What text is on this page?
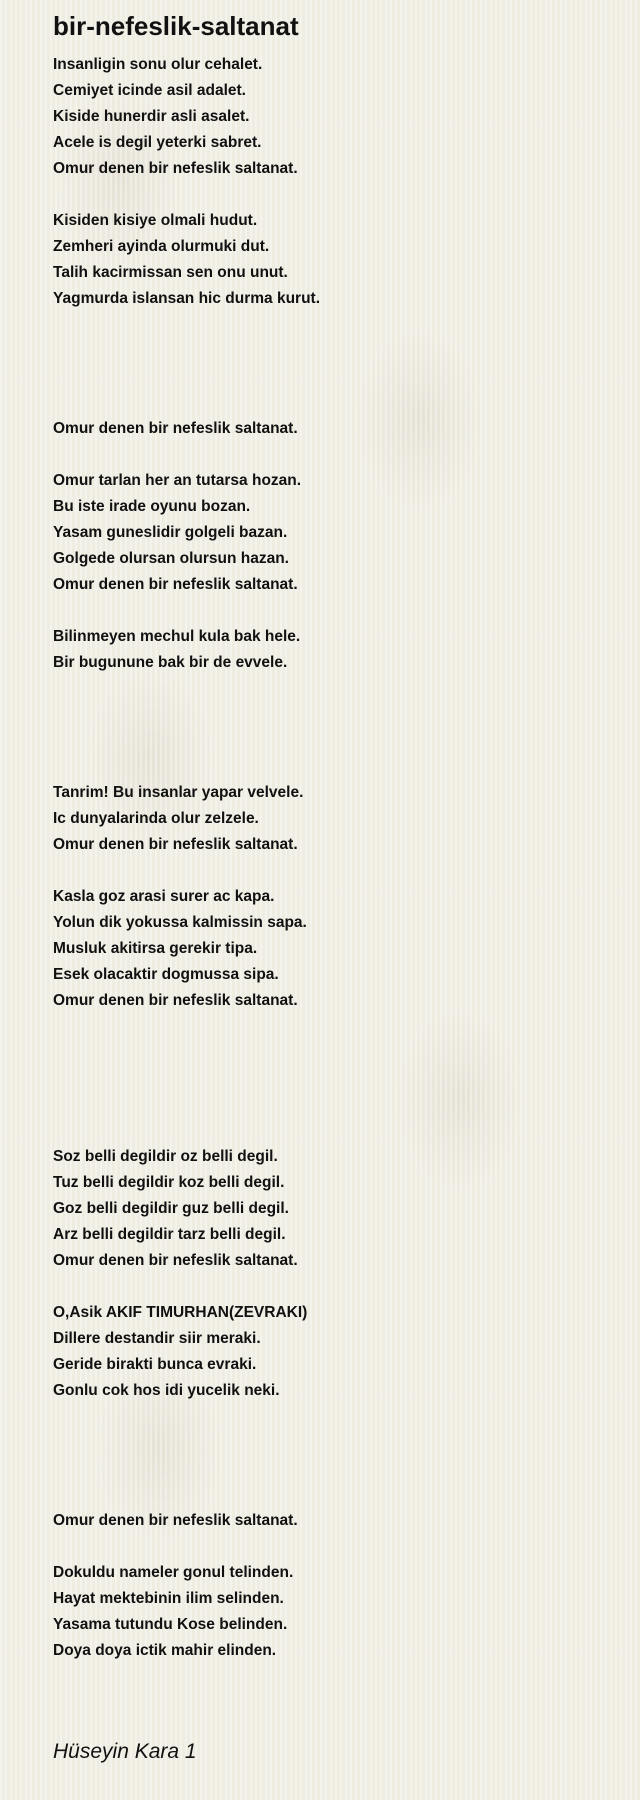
bir-nefeslik-saltanat
Insanligin sonu olur cehalet.
Cemiyet icinde asil adalet.
Kiside hunerdir asli asalet.
Acele is degil yeterki sabret.
Omur denen bir nefeslik saltanat.
Kisiden kisiye olmali hudut.
Zemheri ayinda olurmuki dut.
Talih kacirmissan sen onu unut.
Yagmurda islansan hic durma kurut.
Omur denen bir nefeslik saltanat.
Omur tarlan her an tutarsa hozan.
Bu iste irade oyunu bozan.
Yasam guneslidir golgeli bazan.
Golgede olursan olursun hazan.
Omur denen bir nefeslik saltanat.
Bilinmeyen mechul kula bak hele.
Bir bugunune bak bir de evvele.
Tanrim! Bu insanlar yapar velvele.
Ic dunyalarinda olur zelzele.
Omur denen bir nefeslik saltanat.
Kasla goz arasi surer ac kapa.
Yolun dik yokussa kalmissin sapa.
Musluk akitirsa gerekir tipa.
Esek olacaktir dogmussa sipa.
Omur denen bir nefeslik saltanat.
Soz belli degildir oz belli degil.
Tuz belli degildir koz belli degil.
Goz belli degildir guz belli degil.
Arz belli degildir tarz belli degil.
Omur denen bir nefeslik saltanat.
O,Asik AKIF TIMURHAN(ZEVRAKI)
Dillere destandir siir meraki.
Geride birakti bunca evraki.
Gonlu cok hos idi yucelik neki.
Omur denen bir nefeslik saltanat.
Dokuldu nameler gonul telinden.
Hayat mektebinin ilim selinden.
Yasama tutundu Kose belinden.
Doya doya ictik mahir elinden.
Hüseyin Kara 1
